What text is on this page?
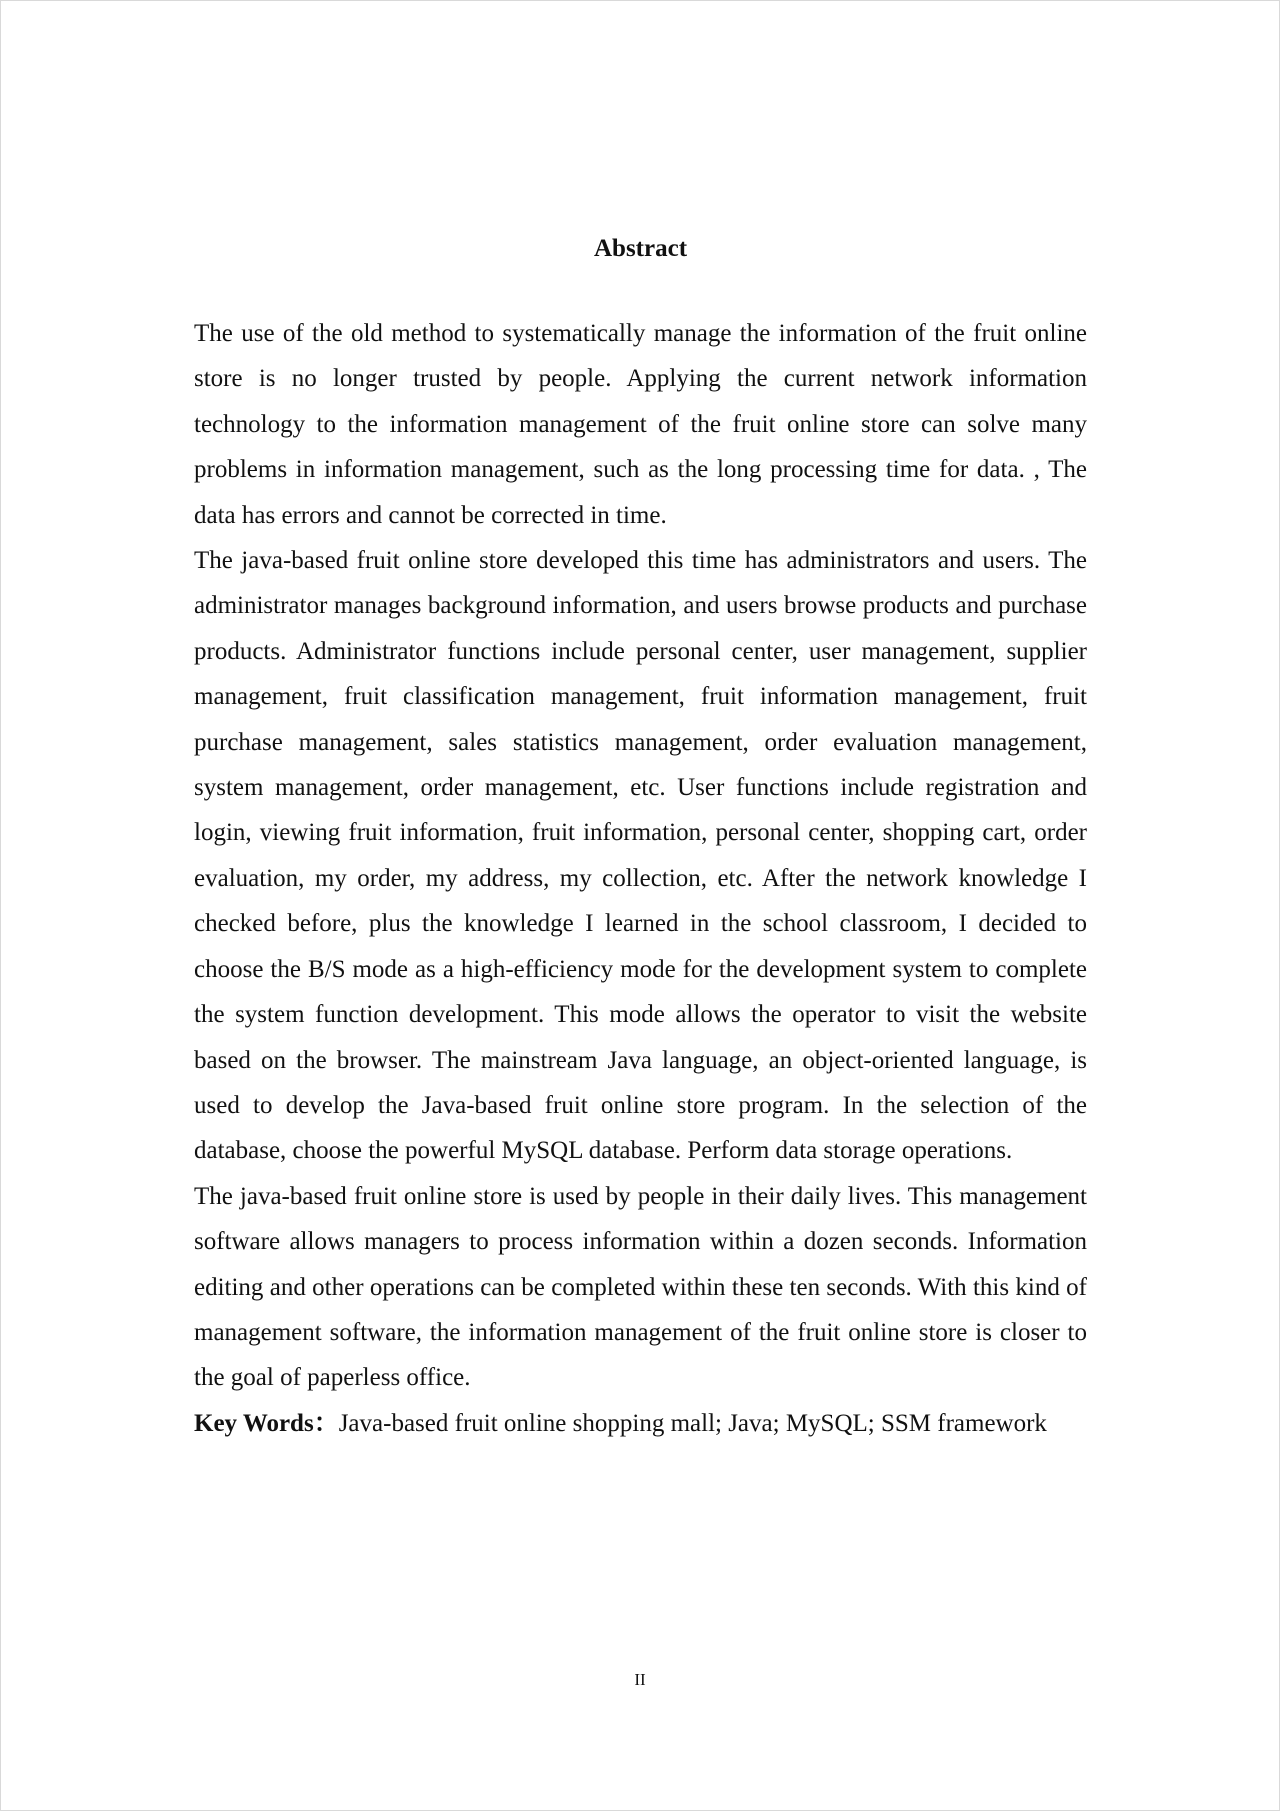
Abstract

The use of the old method to systematically manage the information of the fruit online store is no longer trusted by people. Applying the current network information technology to the information management of the fruit online store can solve many problems in information management, such as the long processing time for data. , The data has errors and cannot be corrected in time.

The java-based fruit online store developed this time has administrators and users. The administrator manages background information, and users browse products and purchase products. Administrator functions include personal center, user management, supplier management, fruit classification management, fruit information management, fruit purchase management, sales statistics management, order evaluation management, system management, order management, etc. User functions include registration and login, viewing fruit information, fruit information, personal center, shopping cart, order evaluation, my order, my address, my collection, etc. After the network knowledge I checked before, plus the knowledge I learned in the school classroom, I decided to choose the B/S mode as a high-efficiency mode for the development system to complete the system function development. This mode allows the operator to visit the website based on the browser. The mainstream Java language, an object-oriented language, is used to develop the Java-based fruit online store program. In the selection of the database, choose the powerful MySQL database. Perform data storage operations.

The java-based fruit online store is used by people in their daily lives. This management software allows managers to process information within a dozen seconds. Information editing and other operations can be completed within these ten seconds. With this kind of management software, the information management of the fruit online store is closer to the goal of paperless office.

Key Words：Java-based fruit online shopping mall; Java; MySQL; SSM framework

II
